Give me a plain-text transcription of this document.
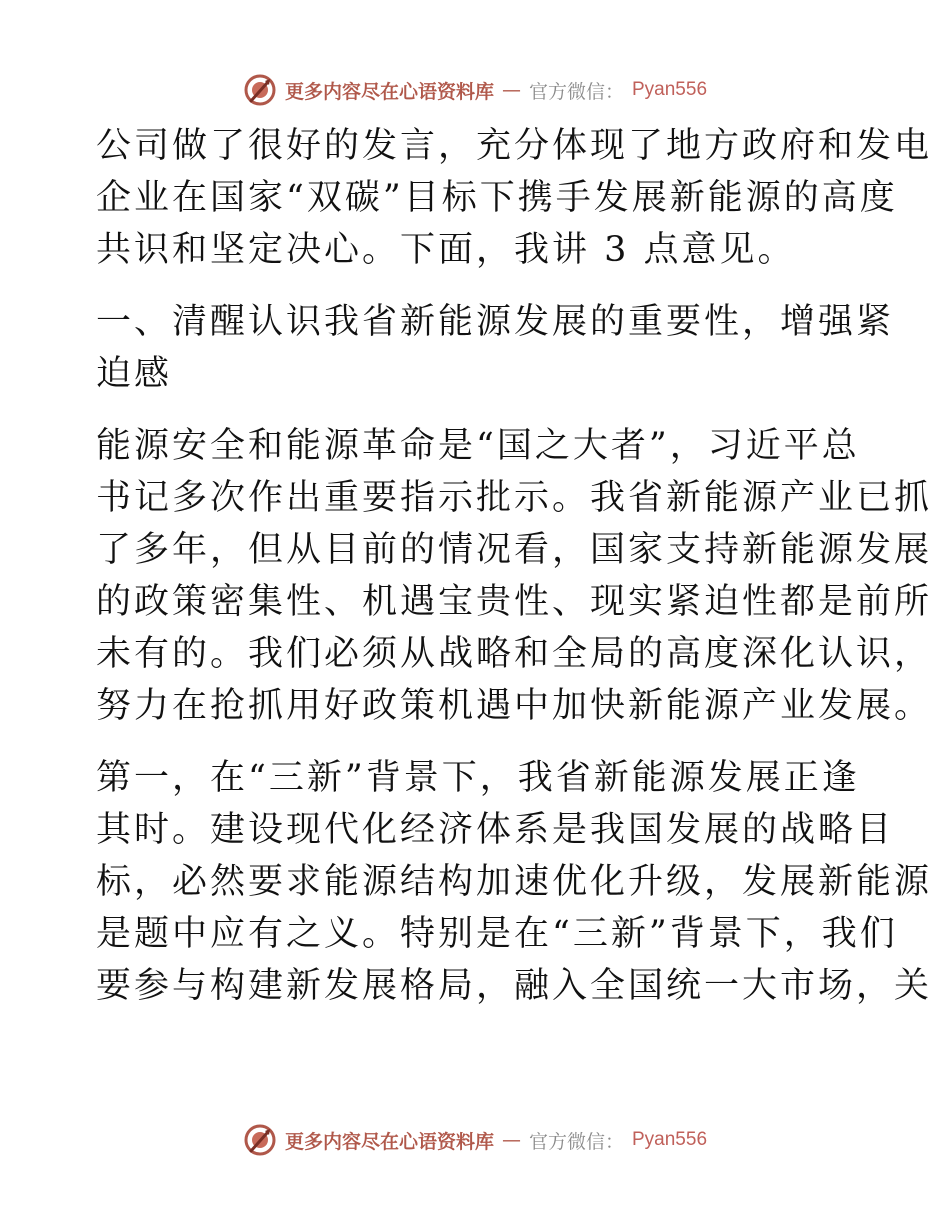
更多内容尽在心语资料库 — 官方微信： Pyan556

公司做了很好的发言，充分体现了地方政府和发电
企业在国家“双碳”目标下携手发展新能源的高度
共识和坚定决心。下面，我讲 3 点意见。

一、清醒认识我省新能源发展的重要性，增强紧
迫感

能源安全和能源革命是“国之大者”，习近平总
书记多次作出重要指示批示。我省新能源产业已抓
了多年，但从目前的情况看，国家支持新能源发展
的政策密集性、机遇宝贵性、现实紧迫性都是前所
未有的。我们必须从战略和全局的高度深化认识，
努力在抢抓用好政策机遇中加快新能源产业发展。

第一，在“三新”背景下，我省新能源发展正逢
其时。建设现代化经济体系是我国发展的战略目
标，必然要求能源结构加速优化升级，发展新能源
是题中应有之义。特别是在“三新”背景下，我们
要参与构建新发展格局，融入全国统一大市场，关

更多内容尽在心语资料库 — 官方微信： Pyan556
